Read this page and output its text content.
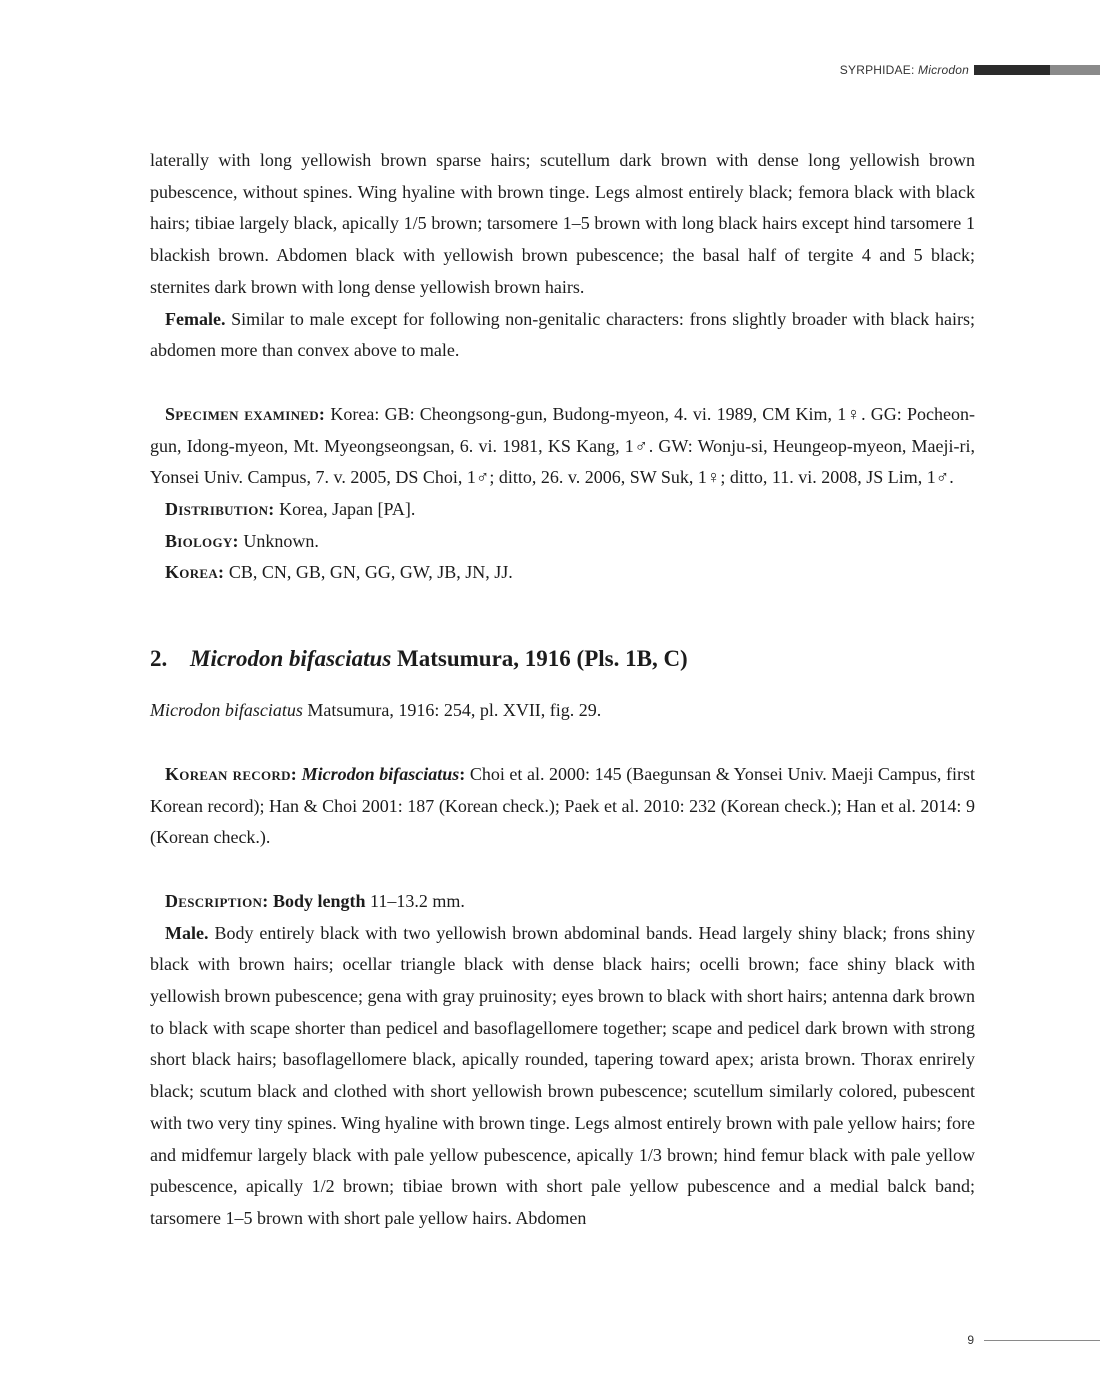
SYRPHIDAE: Microdon

laterally with long yellowish brown sparse hairs; scutellum dark brown with dense long yellowish brown pubescence, without spines. Wing hyaline with brown tinge. Legs almost entirely black; femora black with black hairs; tibiae largely black, apically 1/5 brown; tarsomere 1–5 brown with long black hairs except hind tarsomere 1 blackish brown. Abdomen black with yellowish brown pubescence; the basal half of tergite 4 and 5 black; sternites dark brown with long dense yellowish brown hairs.

Female. Similar to male except for following non-genitalic characters: frons slightly broader with black hairs; abdomen more than convex above to male.

Specimen examined: Korea: GB: Cheongsong-gun, Budong-myeon, 4. vi. 1989, CM Kim, 1♀. GG: Pocheon-gun, Idong-myeon, Mt. Myeongseongsan, 6. vi. 1981, KS Kang, 1♂. GW: Wonju-si, Heungeop-myeon, Maeji-ri, Yonsei Univ. Campus, 7. v. 2005, DS Choi, 1♂; ditto, 26. v. 2006, SW Suk, 1♀; ditto, 11. vi. 2008, JS Lim, 1♂.

Distribution: Korea, Japan [PA].

Biology: Unknown.

Korea: CB, CN, GB, GN, GG, GW, JB, JN, JJ.

2. Microdon bifasciatus Matsumura, 1916 (Pls. 1B, C)

Microdon bifasciatus Matsumura, 1916: 254, pl. XVII, fig. 29.

Korean record: Microdon bifasciatus: Choi et al. 2000: 145 (Baegunsan & Yonsei Univ. Maeji Campus, first Korean record); Han & Choi 2001: 187 (Korean check.); Paek et al. 2010: 232 (Korean check.); Han et al. 2014: 9 (Korean check.).

Description: Body length 11–13.2 mm.

Male. Body entirely black with two yellowish brown abdominal bands. Head largely shiny black; frons shiny black with brown hairs; ocellar triangle black with dense black hairs; ocelli brown; face shiny black with yellowish brown pubescence; gena with gray pruinosity; eyes brown to black with short hairs; antenna dark brown to black with scape shorter than pedicel and basoflagellomere together; scape and pedicel dark brown with strong short black hairs; basoflagellomere black, apically rounded, tapering toward apex; arista brown. Thorax enrirely black; scutum black and clothed with short yellowish brown pubescence; scutellum similarly colored, pubescent with two very tiny spines. Wing hyaline with brown tinge. Legs almost entirely brown with pale yellow hairs; fore and midfemur largely black with pale yellow pubescence, apically 1/3 brown; hind femur black with pale yellow pubescence, apically 1/2 brown; tibiae brown with short pale yellow pubescence and a medial balck band; tarsomere 1–5 brown with short pale yellow hairs. Abdomen

9
